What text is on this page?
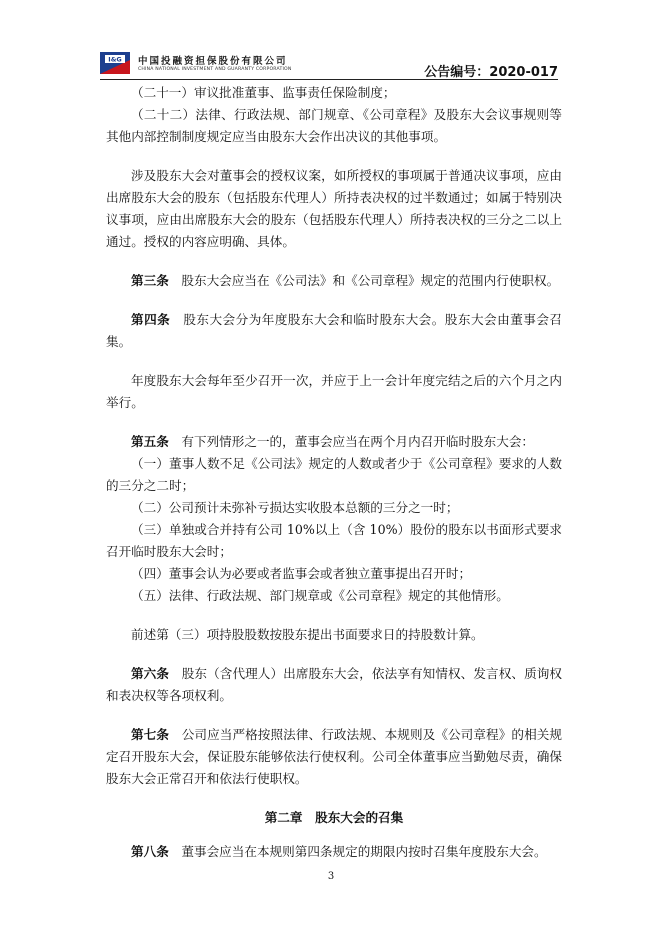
I&G 中国投融资担保股份有限公司
CHINA NATIONAL INVESTMENT AND GUARANTY CORPORATION	公告编号：2020-017

（二十一）审议批准董事、监事责任保险制度；

（二十二）法律、行政法规、部门规章、《公司章程》及股东大会议事规则等其他内部控制制度规定应当由股东大会作出决议的其他事项。

涉及股东大会对董事会的授权议案，如所授权的事项属于普通决议事项，应由出席股东大会的股东（包括股东代理人）所持表决权的过半数通过；如属于特别决议事项，应由出席股东大会的股东（包括股东代理人）所持表决权的三分之二以上通过。授权的内容应明确、具体。

第三条　 股东大会应当在《公司法》和《公司章程》规定的范围内行使职权。

第四条　 股东大会分为年度股东大会和临时股东大会。股东大会由董事会召集。

年度股东大会每年至少召开一次，并应于上一会计年度完结之后的六个月之内举行。

第五条　 有下列情形之一的，董事会应当在两个月内召开临时股东大会：

（一）董事人数不足《公司法》规定的人数或者少于《公司章程》要求的人数的三分之二时；

（二）公司预计未弥补亏损达实收股本总额的三分之一时；

（三）单独或合并持有公司 10%以上（含 10%）股份的股东以书面形式要求召开临时股东大会时；

（四）董事会认为必要或者监事会或者独立董事提出召开时；

（五）法律、行政法规、部门规章或《公司章程》规定的其他情形。

前述第（三）项持股股数按股东提出书面要求日的持股数计算。

第六条　 股东（含代理人）出席股东大会，依法享有知情权、发言权、质询权和表决权等各项权利。

第七条　 公司应当严格按照法律、行政法规、本规则及《公司章程》的相关规定召开股东大会，保证股东能够依法行使权利。公司全体董事应当勤勉尽责，确保股东大会正常召开和依法行使职权。

第二章　股东大会的召集

第八条　 董事会应当在本规则第四条规定的期限内按时召集年度股东大会。

3
